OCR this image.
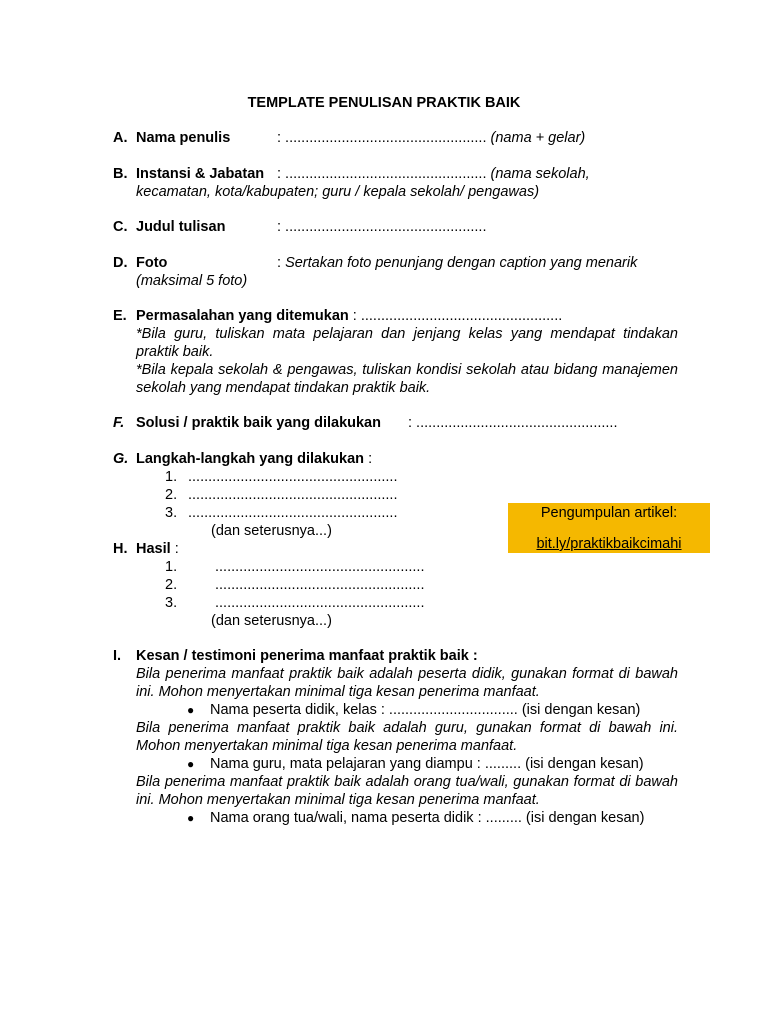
TEMPLATE PENULISAN PRAKTIK BAIK
A. Nama penulis	: .................................................. (nama + gelar)
B. Instansi & Jabatan : .................................................. (nama sekolah,
kecamatan, kota/kabupaten; guru / kepala sekolah/ pengawas)
C. Judul tulisan	: ..................................................
D. Foto	: Sertakan foto penunjang dengan caption yang menarik
(maksimal 5 foto)
E. Permasalahan yang ditemukan : ..................................................
*Bila guru, tuliskan mata pelajaran dan jenjang kelas yang mendapat tindakan praktik baik.
*Bila kepala sekolah & pengawas, tuliskan kondisi sekolah atau bidang manajemen sekolah yang mendapat tindakan praktik baik.
F. Solusi / praktik baik yang dilakukan : ..................................................
G. Langkah-langkah yang dilakukan :
1. ....................................................
2. ....................................................
3. ....................................................
(dan seterusnya...)
H. Hasil :
1.	....................................................
2.	....................................................
3.	....................................................
(dan seterusnya...)
I. Kesan / testimoni penerima manfaat praktik baik :
Bila penerima manfaat praktik baik adalah peserta didik, gunakan format di bawah ini. Mohon menyertakan minimal tiga kesan penerima manfaat.
● Nama peserta didik, kelas : ................................ (isi dengan kesan)
Bila penerima manfaat praktik baik adalah guru, gunakan format di bawah ini. Mohon menyertakan minimal tiga kesan penerima manfaat.
● Nama guru, mata pelajaran yang diampu : ......... (isi dengan kesan)
Bila penerima manfaat praktik baik adalah orang tua/wali, gunakan format di bawah ini. Mohon menyertakan minimal tiga kesan penerima manfaat.
● Nama orang tua/wali, nama peserta didik : ......... (isi dengan kesan)
Pengumpulan artikel:
bit.ly/praktikbaikcimahi
